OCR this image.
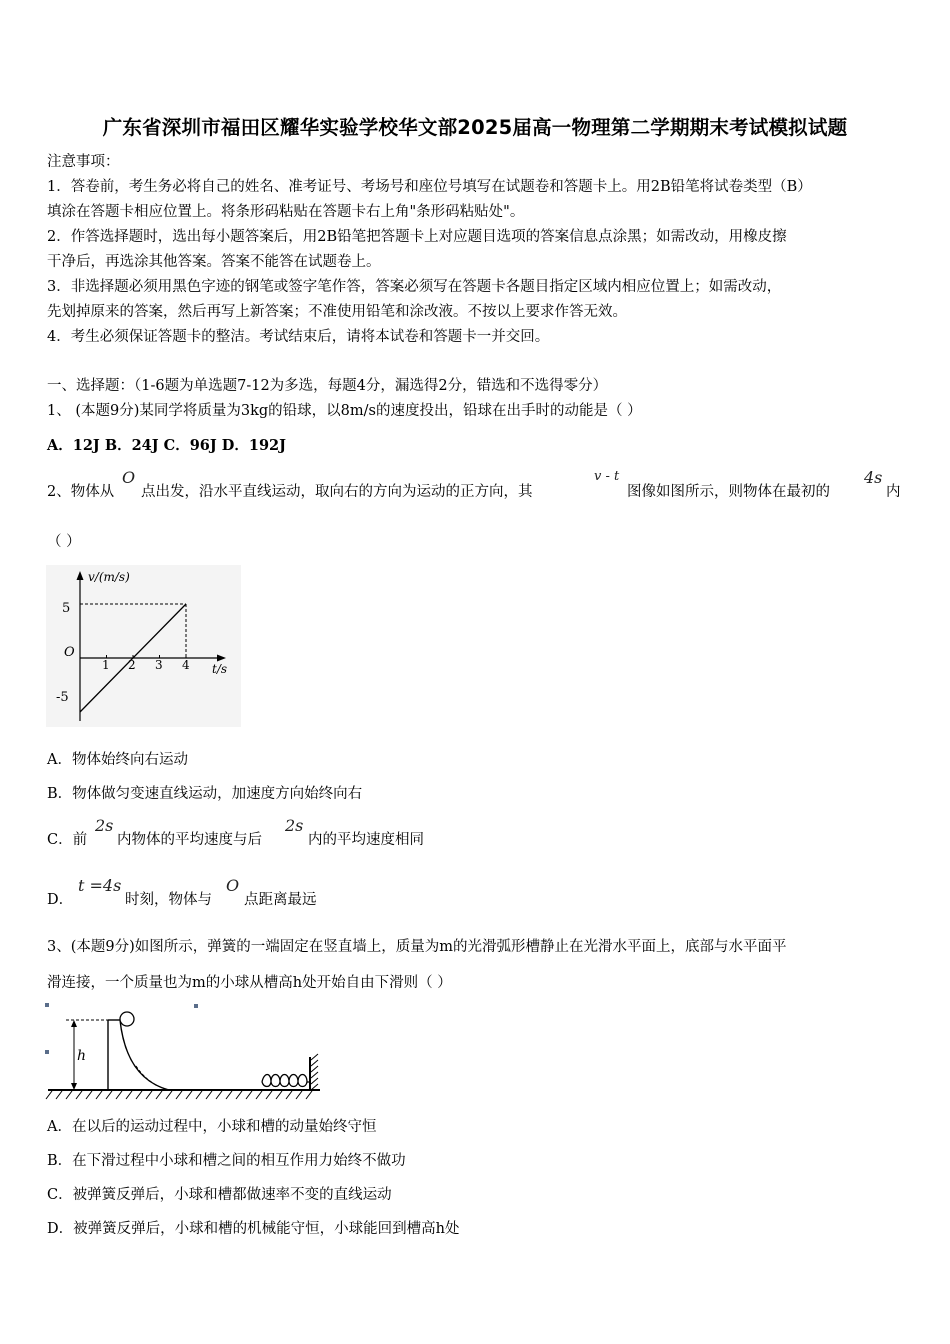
广东省深圳市福田区耀华实验学校华文部2025届高一物理第二学期期末考试模拟试题
注意事项：
1．答卷前，考生务必将自己的姓名、准考证号、考场号和座位号填写在试题卷和答题卡上。用2B铅笔将试卷类型（B）
填涂在答题卡相应位置上。将条形码粘贴在答题卡右上角"条形码粘贴处"。
2．作答选择题时，选出每小题答案后，用2B铅笔把答题卡上对应题目选项的答案信息点涂黑；如需改动，用橡皮擦
干净后，再选涂其他答案。答案不能答在试题卷上。
3．非选择题必须用黑色字迹的钢笔或签字笔作答，答案必须写在答题卡各题目指定区域内相应位置上；如需改动，
先划掉原来的答案，然后再写上新答案；不准使用铅笔和涂改液。不按以上要求作答无效。
4．考生必须保证答题卡的整洁。考试结束后，请将本试卷和答题卡一并交回。
一、选择题：（1-6题为单选题7-12为多选，每题4分，漏选得2分，错选和不选得零分）
1、 (本题9分)某同学将质量为3kg的铅球，以8m/s的速度投出，铅球在出手时的动能是（ ）
A．12J B．24J C．96J D．192J
2、物体从
O
点出发，沿水平直线运动，取向右的方向为运动的正方向，其
v - t
图像如图所示，则物体在最初的
4s
内
（ ）
v/(m/s)
t/s
5
O
-5
1 2 3 4
A．物体始终向右运动
B．物体做匀变速直线运动，加速度方向始终向右
C．前
2s
内物体的平均速度与后
2s
内的平均速度相同
D．
t =4s
时刻，物体与
O
点距离最远
3、(本题9分)如图所示，弹簧的一端固定在竖直墙上，质量为m的光滑弧形槽静止在光滑水平面上，底部与水平面平
滑连接，一个质量也为m的小球从槽高h处开始自由下滑则（ ）
h
A．在以后的运动过程中，小球和槽的动量始终守恒
B．在下滑过程中小球和槽之间的相互作用力始终不做功
C．被弹簧反弹后，小球和槽都做速率不变的直线运动
D．被弹簧反弹后，小球和槽的机械能守恒，小球能回到槽高h处
